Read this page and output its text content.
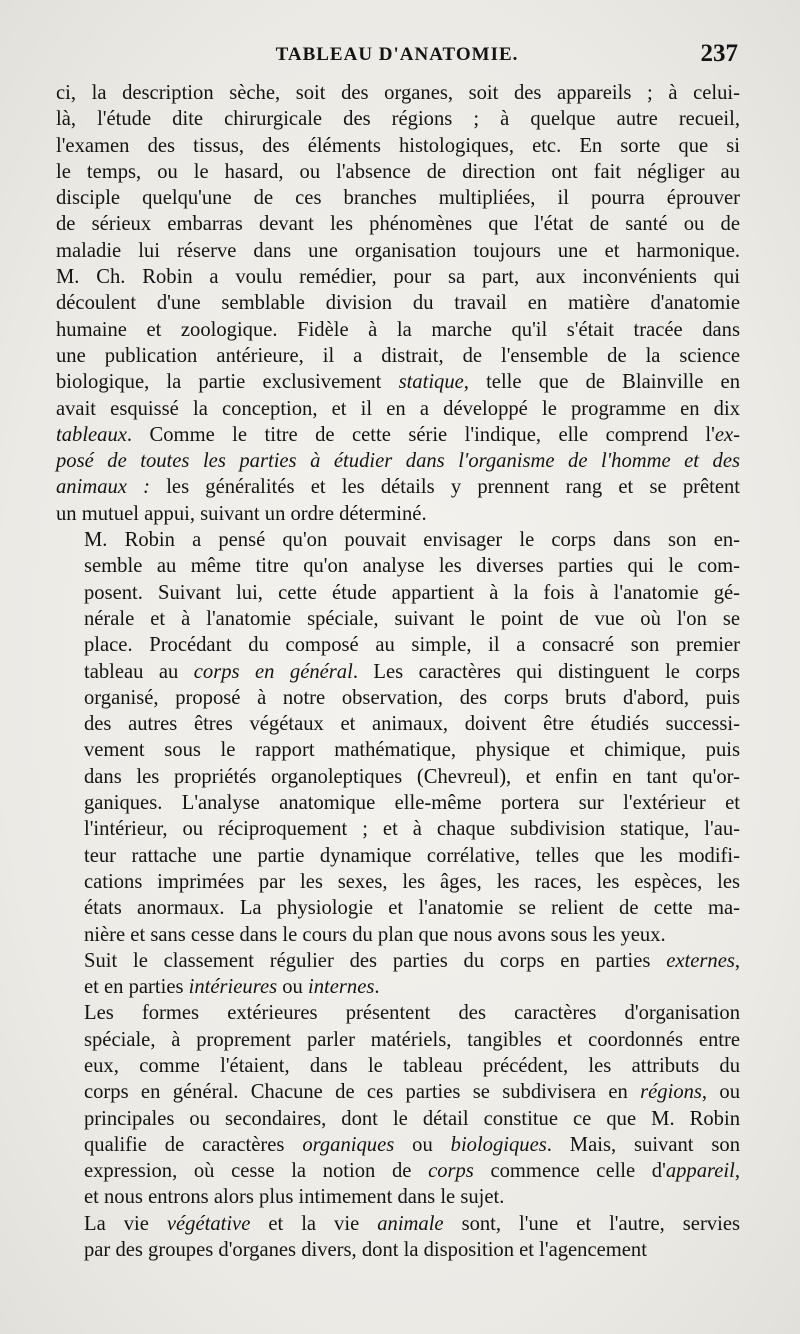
TABLEAU D'ANATOMIE.	237

ci, la description sèche, soit des organes, soit des appareils ; à celui-
là, l'étude dite chirurgicale des régions ; à quelque autre recueil,
l'examen des tissus, des éléments histologiques, etc. En sorte que si
le temps, ou le hasard, ou l'absence de direction ont fait négliger au
disciple quelqu'une de ces branches multipliées, il pourra éprouver
de sérieux embarras devant les phénomènes que l'état de santé ou de
maladie lui réserve dans une organisation toujours une et harmonique.
M. Ch. Robin a voulu remédier, pour sa part, aux inconvénients qui
découlent d'une semblable division du travail en matière d'anatomie
humaine et zoologique. Fidèle à la marche qu'il s'était tracée dans
une publication antérieure, il a distrait, de l'ensemble de la science
biologique, la partie exclusivement statique, telle que de Blainville en
avait esquissé la conception, et il en a développé le programme en dix
tableaux. Comme le titre de cette série l'indique, elle comprend l'ex-
posé de toutes les parties à étudier dans l'organisme de l'homme et des
animaux : les généralités et les détails y prennent rang et se prêtent
un mutuel appui, suivant un ordre déterminé.

M. Robin a pensé qu'on pouvait envisager le corps dans son en-
semble au même titre qu'on analyse les diverses parties qui le com-
posent. Suivant lui, cette étude appartient à la fois à l'anatomie gé-
nérale et à l'anatomie spéciale, suivant le point de vue où l'on se
place. Procédant du composé au simple, il a consacré son premier
tableau au corps en général. Les caractères qui distinguent le corps
organisé, proposé à notre observation, des corps bruts d'abord, puis
des autres êtres végétaux et animaux, doivent être étudiés successi-
vement sous le rapport mathématique, physique et chimique, puis
dans les propriétés organoleptiques (Chevreul), et enfin en tant qu'or-
ganiques. L'analyse anatomique elle-même portera sur l'extérieur et
l'intérieur, ou réciproquement ; et à chaque subdivision statique, l'au-
teur rattache une partie dynamique corrélative, telles que les modifi-
cations imprimées par les sexes, les âges, les races, les espèces, les
états anormaux. La physiologie et l'anatomie se relient de cette ma-
nière et sans cesse dans le cours du plan que nous avons sous les yeux.

Suit le classement régulier des parties du corps en parties externes,
et en parties intérieures ou internes.

Les formes extérieures présentent des caractères d'organisation
spéciale, à proprement parler matériels, tangibles et coordonnés entre
eux, comme l'étaient, dans le tableau précédent, les attributs du
corps en général. Chacune de ces parties se subdivisera en régions, ou
principales ou secondaires, dont le détail constitue ce que M. Robin
qualifie de caractères organiques ou biologiques. Mais, suivant son
expression, où cesse la notion de corps commence celle d'appareil,
et nous entrons alors plus intimement dans le sujet.

La vie végétative et la vie animale sont, l'une et l'autre, servies
par des groupes d'organes divers, dont la disposition et l'agencement
